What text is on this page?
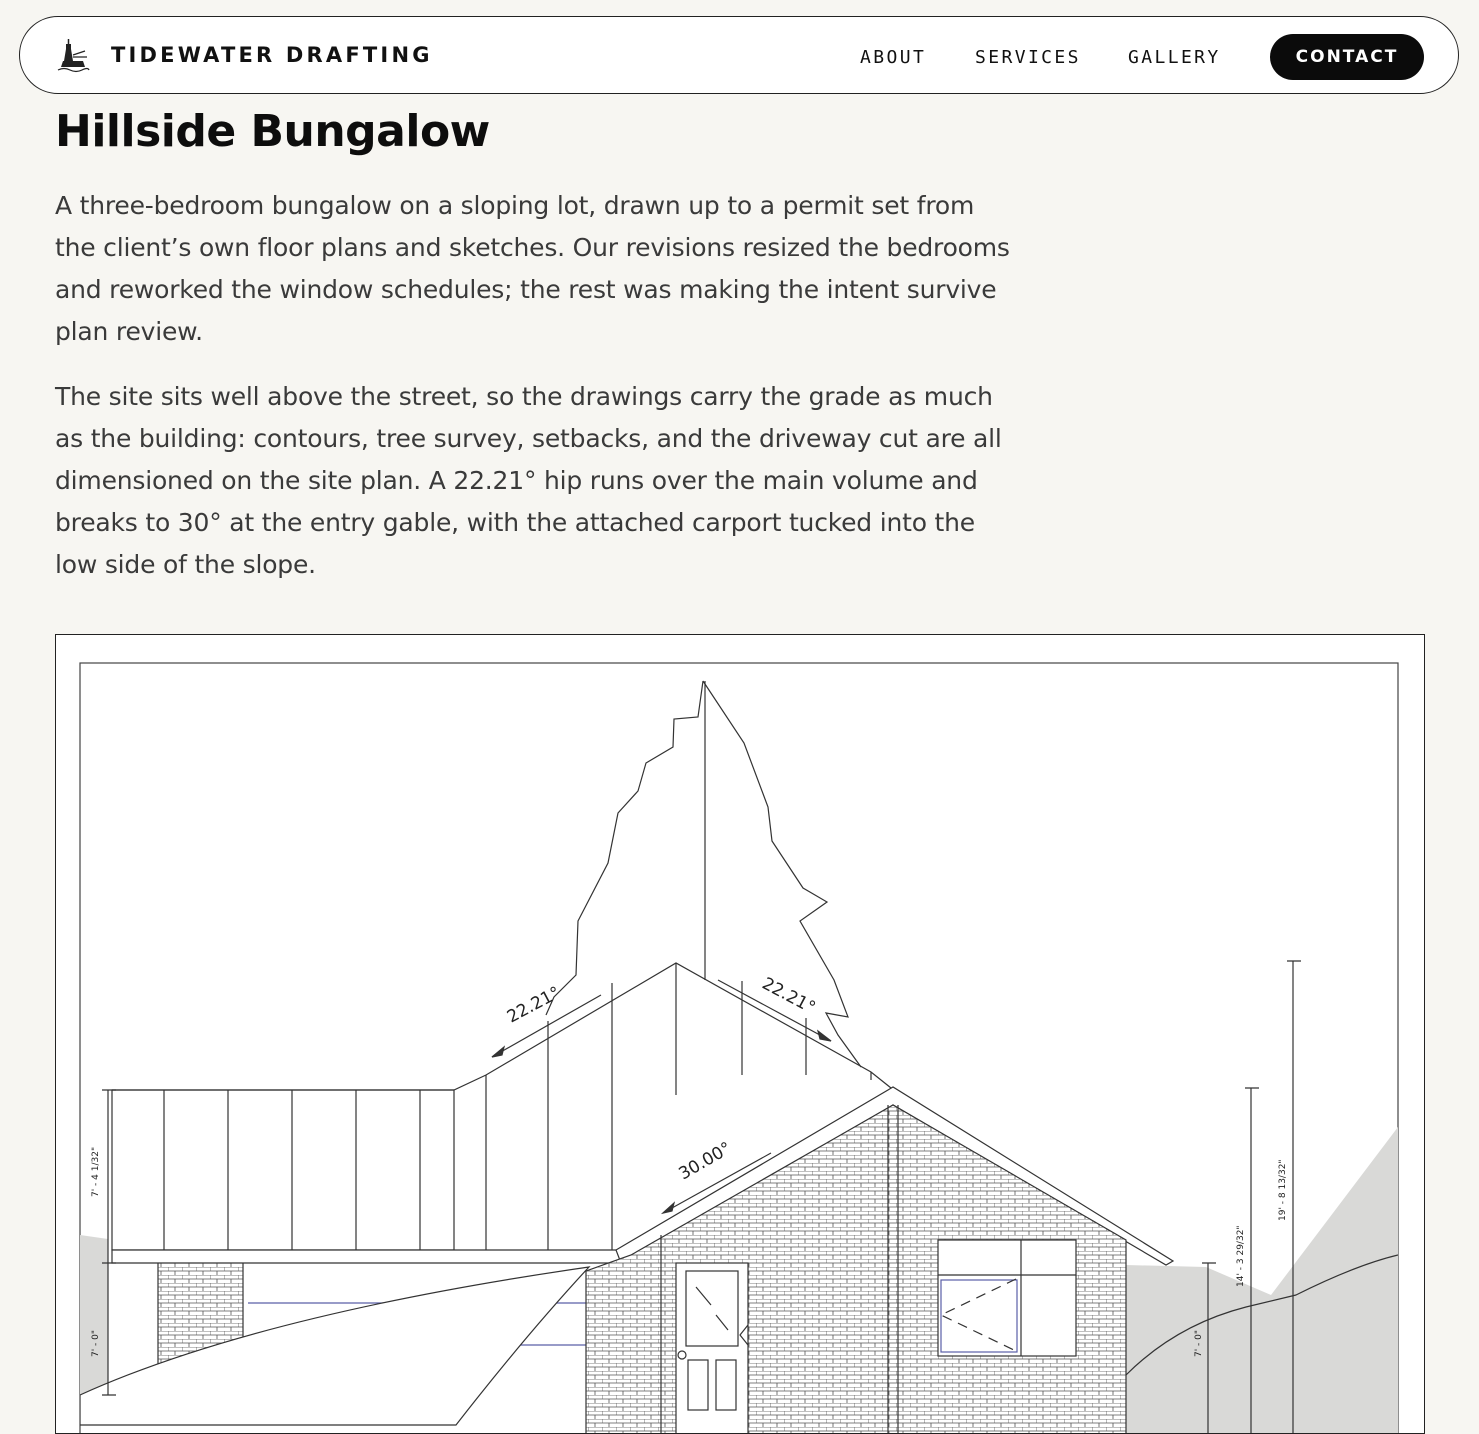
TIDEWATER DRAFTING	ABOUT	SERVICES	GALLERY	CONTACT
Hillside Bungalow

A three-bedroom bungalow on a sloping lot, drawn up to a permit set from the client’s own floor plans and sketches. Our revisions resized the bedrooms and reworked the window schedules; the rest was making the intent survive plan review.

The site sits well above the street, so the drawings carry the grade as much as the building: contours, tree survey, setbacks, and the driveway cut are all dimensioned on the site plan. A 22.21° hip runs over the main volume and breaks to 30° at the entry gable, with the attached carport tucked into the low side of the slope.

22.21°	22.21°
30.00°
7' - 4 1/32"
7' - 0"	7' - 0"
14' - 3 29/32"
19' - 8 13/32"
